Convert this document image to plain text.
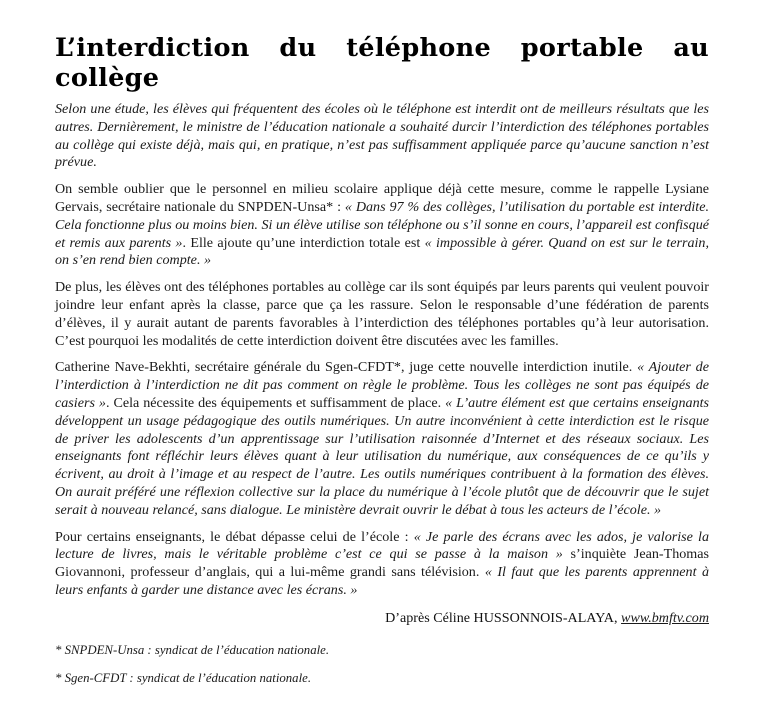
L’interdiction du téléphone portable au collège

Selon une étude, les élèves qui fréquentent des écoles où le téléphone est interdit ont de meilleurs résultats que les autres. Dernièrement, le ministre de l’éducation nationale a souhaité durcir l’interdiction des téléphones portables au collège qui existe déjà, mais qui, en pratique, n’est pas suffisamment appliquée parce qu’aucune sanction n’est prévue.

On semble oublier que le personnel en milieu scolaire applique déjà cette mesure, comme le rappelle Lysiane Gervais, secrétaire nationale du SNPDEN-Unsa* : « Dans 97 % des collèges, l’utilisation du portable est interdite. Cela fonctionne plus ou moins bien. Si un élève utilise son téléphone ou s’il sonne en cours, l’appareil est confisqué et remis aux parents ». Elle ajoute qu’une interdiction totale est « impossible à gérer. Quand on est sur le terrain, on s’en rend bien compte. »

De plus, les élèves ont des téléphones portables au collège car ils sont équipés par leurs parents qui veulent pouvoir joindre leur enfant après la classe, parce que ça les rassure. Selon le responsable d’une fédération de parents d’élèves, il y aurait autant de parents favorables à l’interdiction des téléphones portables qu’à leur autorisation. C’est pourquoi les modalités de cette interdiction doivent être discutées avec les familles.

Catherine Nave-Bekhti, secrétaire générale du Sgen-CFDT*, juge cette nouvelle interdiction inutile. « Ajouter de l’interdiction à l’interdiction ne dit pas comment on règle le problème. Tous les collèges ne sont pas équipés de casiers ». Cela nécessite des équipements et suffisamment de place. « L’autre élément est que certains enseignants développent un usage pédagogique des outils numériques. Un autre inconvénient à cette interdiction est le risque de priver les adolescents d’un apprentissage sur l’utilisation raisonnée d’Internet et des réseaux sociaux. Les enseignants font réfléchir leurs élèves quant à leur utilisation du numérique, aux conséquences de ce qu’ils y écrivent, au droit à l’image et au respect de l’autre. Les outils numériques contribuent à la formation des élèves. On aurait préféré une réflexion collective sur la place du numérique à l’école plutôt que de découvrir que le sujet serait à nouveau relancé, sans dialogue. Le ministère devrait ouvrir le débat à tous les acteurs de l’école. »

Pour certains enseignants, le débat dépasse celui de l’école : « Je parle des écrans avec les ados, je valorise la lecture de livres, mais le véritable problème c’est ce qui se passe à la maison » s’inquiète Jean-Thomas Giovannoni, professeur d’anglais, qui a lui-même grandi sans télévision. « Il faut que les parents apprennent à leurs enfants à garder une distance avec les écrans. »

D’après Céline HUSSONNOIS-ALAYA, www.bmftv.com

* SNPDEN-Unsa : syndicat de l’éducation nationale.

* Sgen-CFDT : syndicat de l’éducation nationale.
